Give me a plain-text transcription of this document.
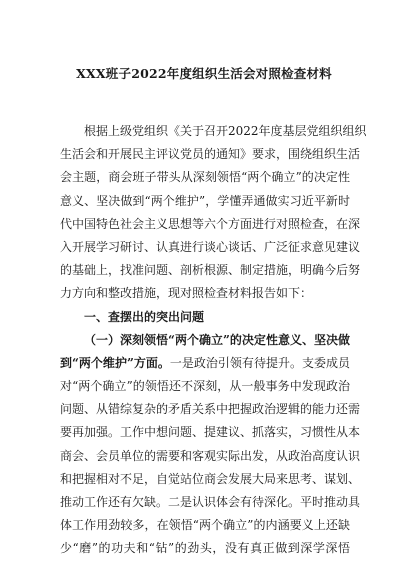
XXX班子2022年度组织生活会对照检查材料
根据上级党组织《关于召开2022年度基层党组织组织
生活会和开展民主评议党员的通知》要求，围绕组织生活
会主题，商会班子带头从深刻领悟“两个确立”的决定性
意义、坚决做到“两个维护”，学懂弄通做实习近平新时
代中国特色社会主义思想等六个方面进行对照检查，在深
入开展学习研讨、认真进行谈心谈话、广泛征求意见建议
的基础上，找准问题、剖析根源、制定措施，明确今后努
力方向和整改措施，现对照检查材料报告如下：
一、查摆出的突出问题
（一）深刻领悟“两个确立”的决定性意义、坚决做
到“两个维护”方面。一是政治引领有待提升。支委成员
对“两个确立”的领悟还不深刻，从一般事务中发现政治
问题、从错综复杂的矛盾关系中把握政治逻辑的能力还需
要再加强。工作中想问题、提建议、抓落实，习惯性从本
商会、会员单位的需要和客观实际出发，从政治高度认识
和把握相对不足，自觉站位商会发展大局来思考、谋划、
推动工作还有欠缺。二是认识体会有待深化。平时推动具
体工作用劲较多，在领悟“两个确立”的内涵要义上还缺
少“磨”的功夫和“钻”的劲头，没有真正做到深学深悟
